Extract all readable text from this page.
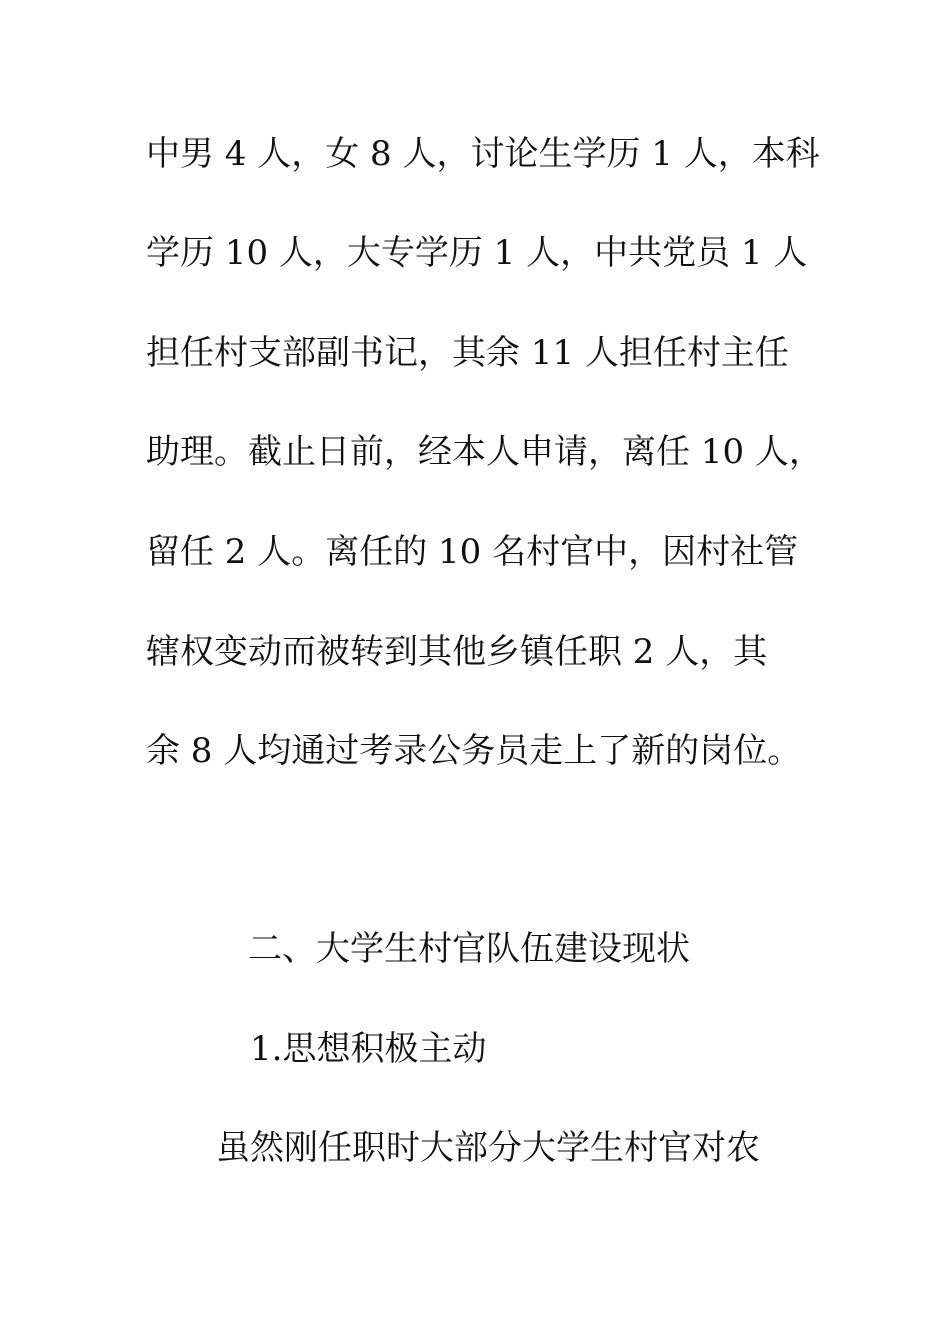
中男 4 人，女 8 人，讨论生学历 1 人，本科
学历 10 人，大专学历 1 人，中共党员 1 人
担任村支部副书记，其余 11 人担任村主任
助理。截止日前，经本人申请，离任 10 人，
留任 2 人。离任的 10 名村官中，因村社管
辖权变动而被转到其他乡镇任职 2 人，其
余 8 人均通过考录公务员走上了新的岗位。
二、大学生村官队伍建设现状
1.思想积极主动
虽然刚任职时大部分大学生村官对农
